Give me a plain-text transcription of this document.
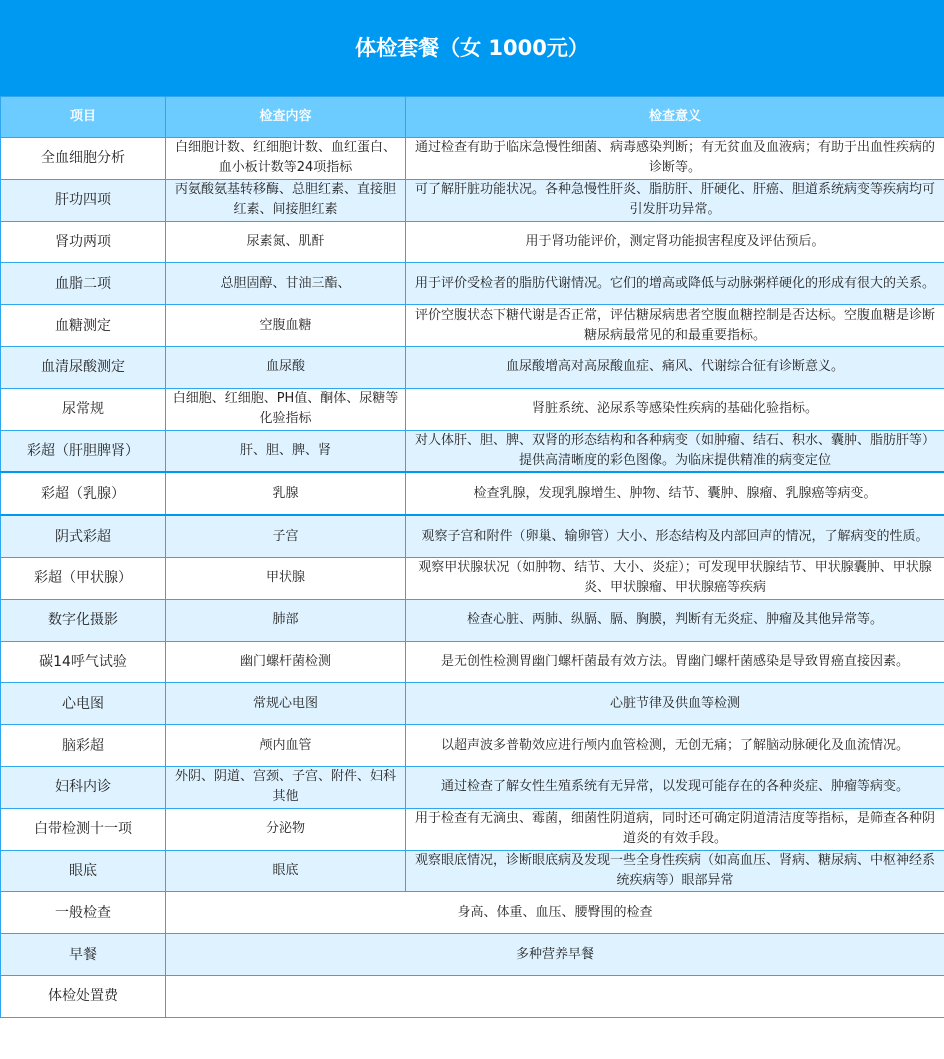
体检套餐（女 1000元）
项目	检查内容	检查意义
全血细胞分析	白细胞计数、红细胞计数、血红蛋白、血小板计数等24项指标	通过检查有助于临床急慢性细菌、病毒感染判断；有无贫血及血液病；有助于出血性疾病的诊断等。
肝功四项	丙氨酸氨基转移酶、总胆红素、直接胆红素、间接胆红素	可了解肝脏功能状况。各种急慢性肝炎、脂肪肝、肝硬化、肝癌、胆道系统病变等疾病均可引发肝功异常。
肾功两项	尿素氮、肌酐	用于肾功能评价，测定肾功能损害程度及评估预后。
血脂二项	总胆固醇、甘油三酯、	用于评价受检者的脂肪代谢情况。它们的增高或降低与动脉粥样硬化的形成有很大的关系。
血糖测定	空腹血糖	评价空腹状态下糖代谢是否正常，评估糖尿病患者空腹血糖控制是否达标。空腹血糖是诊断糖尿病最常见的和最重要指标。
血清尿酸测定	血尿酸	血尿酸增高对高尿酸血症、痛风、代谢综合征有诊断意义。
尿常规	白细胞、红细胞、PH值、酮体、尿糖等化验指标	肾脏系统、泌尿系等感染性疾病的基础化验指标。
彩超（肝胆脾肾）	肝、胆、脾、肾	对人体肝、胆、脾、双肾的形态结构和各种病变（如肿瘤、结石、积水、囊肿、脂肪肝等）提供高清晰度的彩色图像。为临床提供精准的病变定位
彩超（乳腺）	乳腺	检查乳腺，发现乳腺增生、肿物、结节、囊肿、腺瘤、乳腺癌等病变。
阴式彩超	子宫	观察子宫和附件（卵巢、输卵管）大小、形态结构及内部回声的情况，了解病变的性质。
彩超（甲状腺）	甲状腺	观察甲状腺状况（如肿物、结节、大小、炎症）；可发现甲状腺结节、甲状腺囊肿、甲状腺炎、甲状腺瘤、甲状腺癌等疾病
数字化摄影	肺部	检查心脏、两肺、纵膈、膈、胸膜，判断有无炎症、肿瘤及其他异常等。
碳14呼气试验	幽门螺杆菌检测	是无创性检测胃幽门螺杆菌最有效方法。胃幽门螺杆菌感染是导致胃癌直接因素。
心电图	常规心电图	心脏节律及供血等检测
脑彩超	颅内血管	以超声波多普勒效应进行颅内血管检测，无创无痛；了解脑动脉硬化及血流情况。
妇科内诊	外阴、阴道、宫颈、子宫、附件、妇科其他	通过检查了解女性生殖系统有无异常，以发现可能存在的各种炎症、肿瘤等病变。
白带检测十一项	分泌物	用于检查有无滴虫、霉菌，细菌性阴道病，同时还可确定阴道清洁度等指标，是筛查各种阴道炎的有效手段。
眼底	眼底	观察眼底情况，诊断眼底病及发现一些全身性疾病（如高血压、肾病、糖尿病、中枢神经系统疾病等）眼部异常
一般检查	身高、体重、血压、腰臀围的检查	
早餐	多种营养早餐	
体检处置费		
